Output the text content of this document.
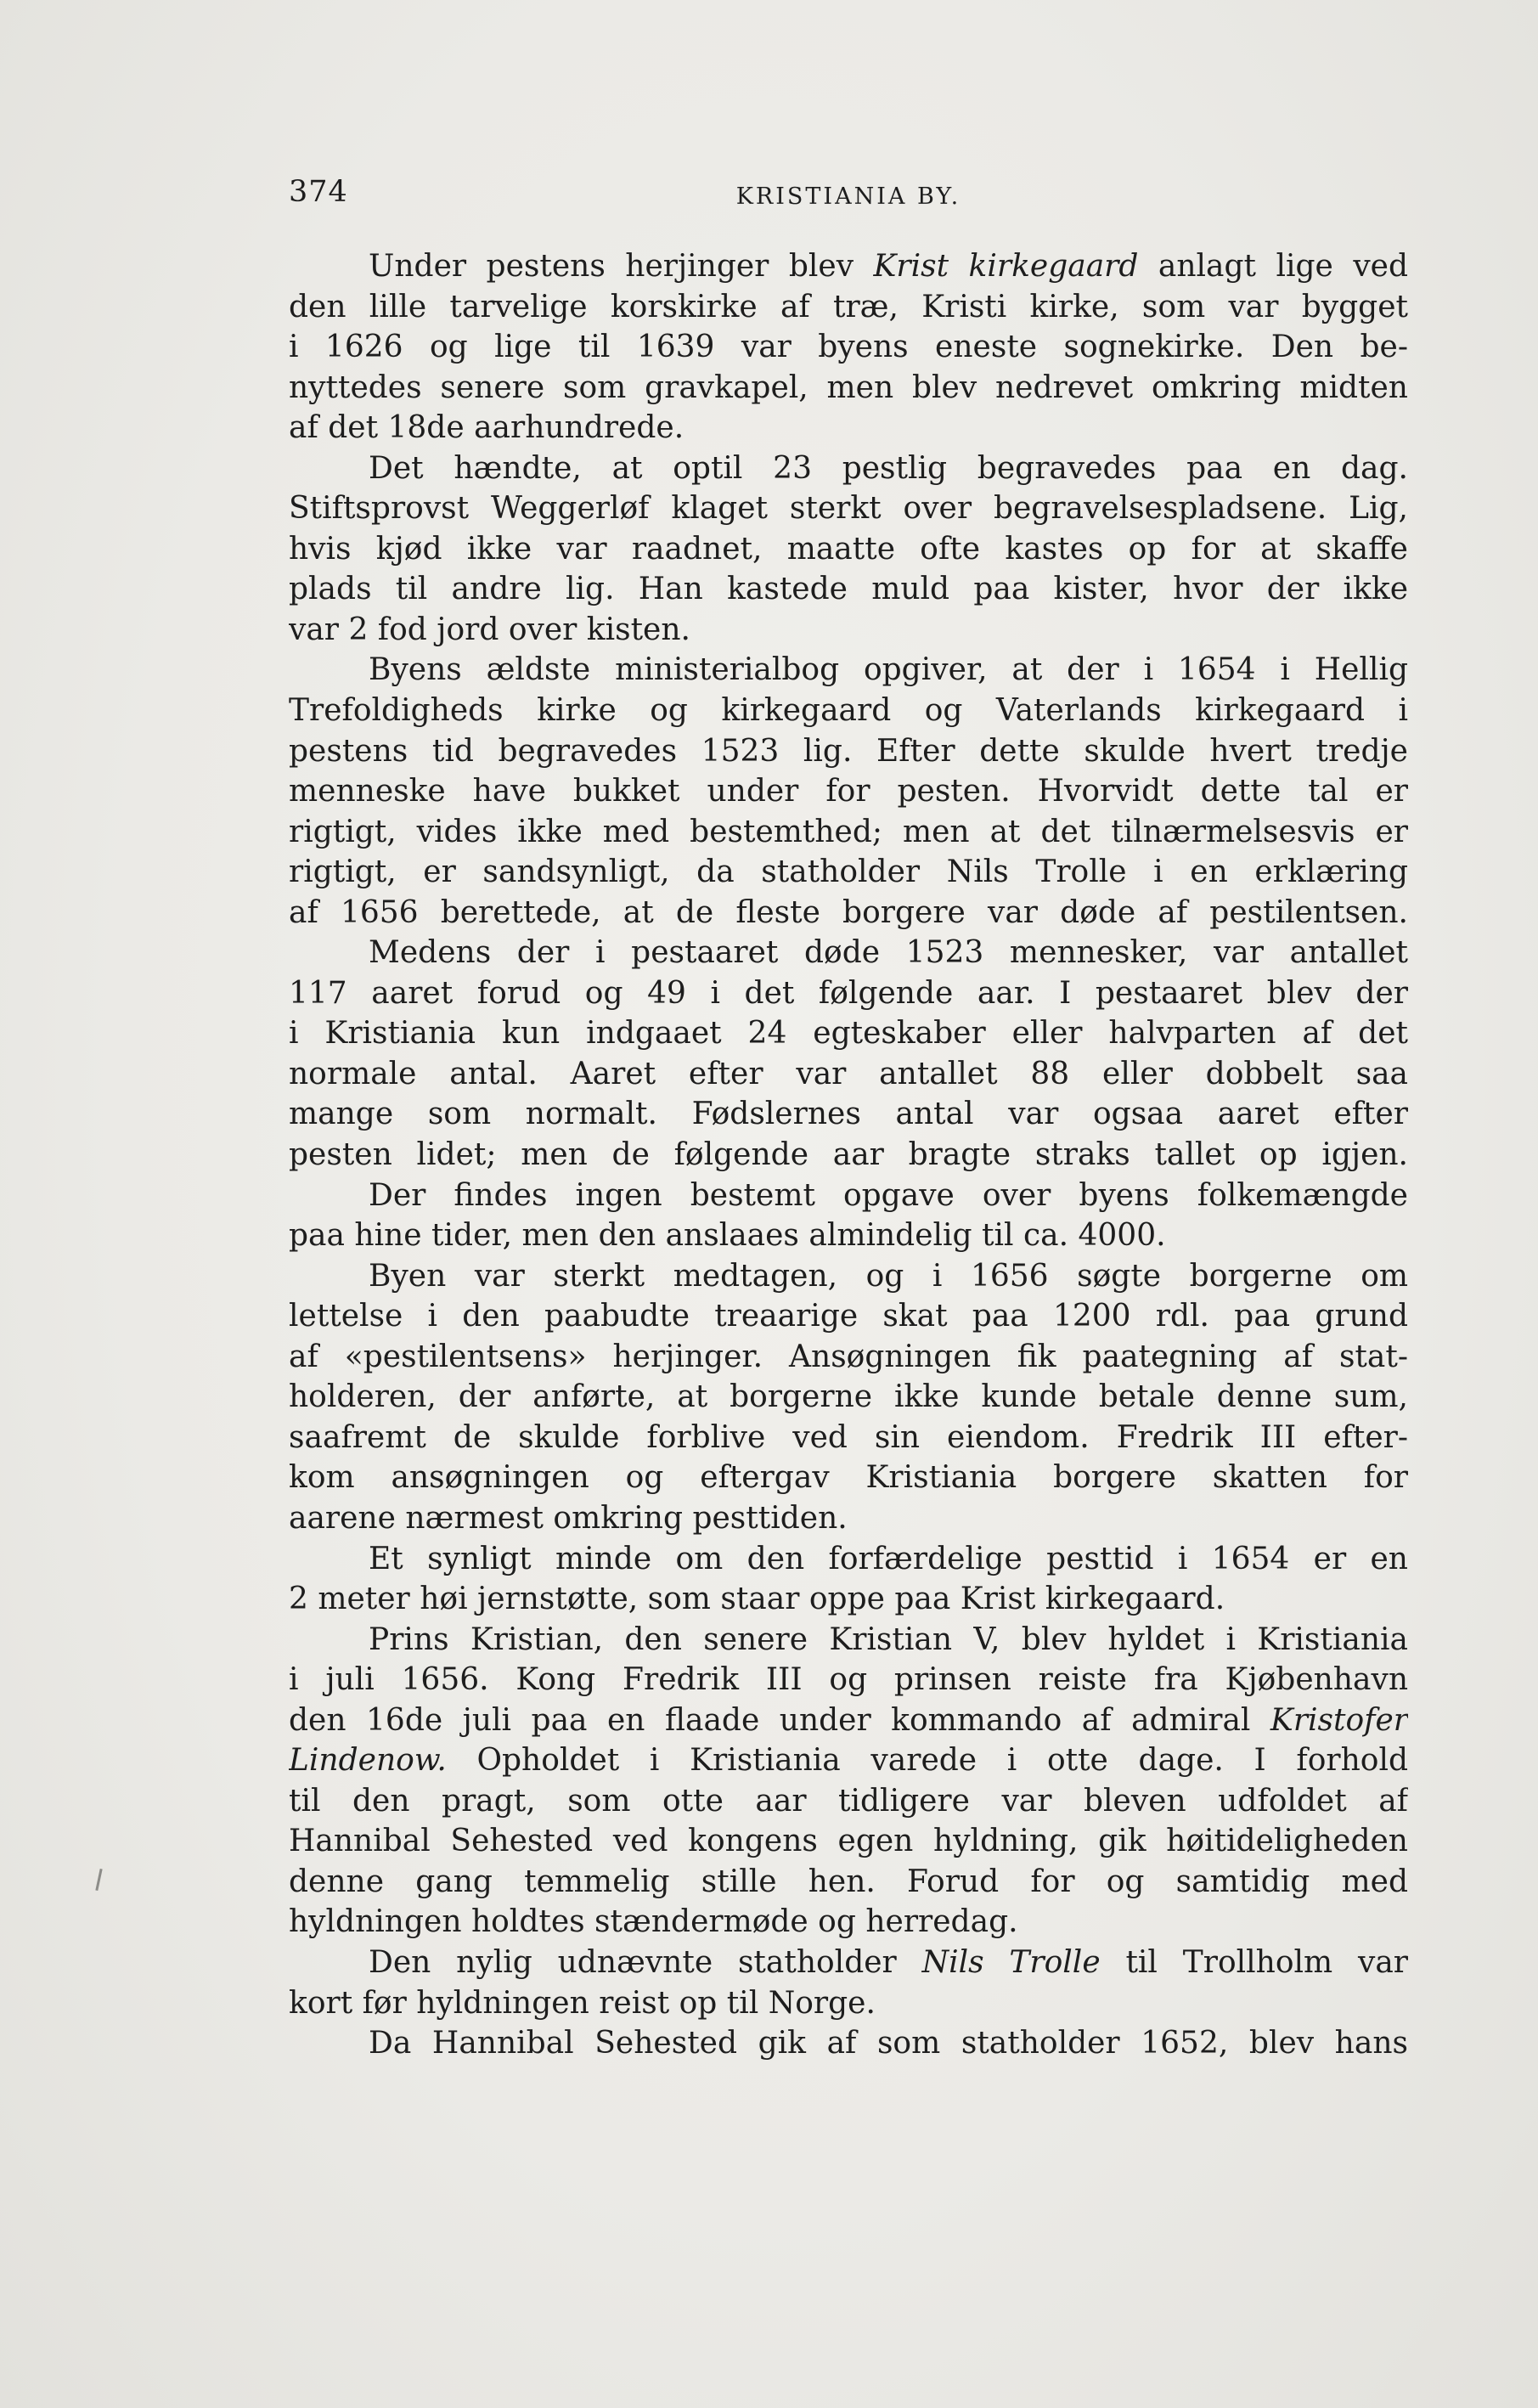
374	KRISTIANIA BY.
Under pestens herjinger blev Krist kirkegaard anlagt lige ved
den lille tarvelige korskirke af træ, Kristi kirke, som var bygget
i 1626 og lige til 1639 var byens eneste sognekirke. Den be-
nyttedes senere som gravkapel, men blev nedrevet omkring midten
af det 18de aarhundrede.
Det hændte, at optil 23 pestlig begravedes paa en dag.
Stiftsprovst Weggerløf klaget sterkt over begravelsespladsene. Lig,
hvis kjød ikke var raadnet, maatte ofte kastes op for at skaffe
plads til andre lig. Han kastede muld paa kister, hvor der ikke
var 2 fod jord over kisten.
Byens ældste ministerialbog opgiver, at der i 1654 i Hellig
Trefoldigheds kirke og kirkegaard og Vaterlands kirkegaard i
pestens tid begravedes 1523 lig. Efter dette skulde hvert tredje
menneske have bukket under for pesten. Hvorvidt dette tal er
rigtigt, vides ikke med bestemthed; men at det tilnærmelsesvis er
rigtigt, er sandsynligt, da statholder Nils Trolle i en erklæring
af 1656 berettede, at de fleste borgere var døde af pestilentsen.
Medens der i pestaaret døde 1523 mennesker, var antallet
117 aaret forud og 49 i det følgende aar. I pestaaret blev der
i Kristiania kun indgaaet 24 egteskaber eller halvparten af det
normale antal. Aaret efter var antallet 88 eller dobbelt saa
mange som normalt. Fødslernes antal var ogsaa aaret efter
pesten lidet; men de følgende aar bragte straks tallet op igjen.
Der findes ingen bestemt opgave over byens folkemængde
paa hine tider, men den anslaaes almindelig til ca. 4000.
Byen var sterkt medtagen, og i 1656 søgte borgerne om
lettelse i den paabudte treaarige skat paa 1200 rdl. paa grund
af «pestilentsens» herjinger. Ansøgningen fik paategning af stat-
holderen, der anførte, at borgerne ikke kunde betale denne sum,
saafremt de skulde forblive ved sin eiendom. Fredrik III efter-
kom ansøgningen og eftergav Kristiania borgere skatten for
aarene nærmest omkring pesttiden.
Et synligt minde om den forfærdelige pesttid i 1654 er en
2 meter høi jernstøtte, som staar oppe paa Krist kirkegaard.
Prins Kristian, den senere Kristian V, blev hyldet i Kristiania
i juli 1656. Kong Fredrik III og prinsen reiste fra Kjøbenhavn
den 16de juli paa en flaade under kommando af admiral Kristofer
Lindenow. Opholdet i Kristiania varede i otte dage. I forhold
til den pragt, som otte aar tidligere var bleven udfoldet af
Hannibal Sehested ved kongens egen hyldning, gik høitideligheden
denne gang temmelig stille hen. Forud for og samtidig med
hyldningen holdtes stændermøde og herredag.
Den nylig udnævnte statholder Nils Trolle til Trollholm var
kort før hyldningen reist op til Norge.
Da Hannibal Sehested gik af som statholder 1652, blev hans
